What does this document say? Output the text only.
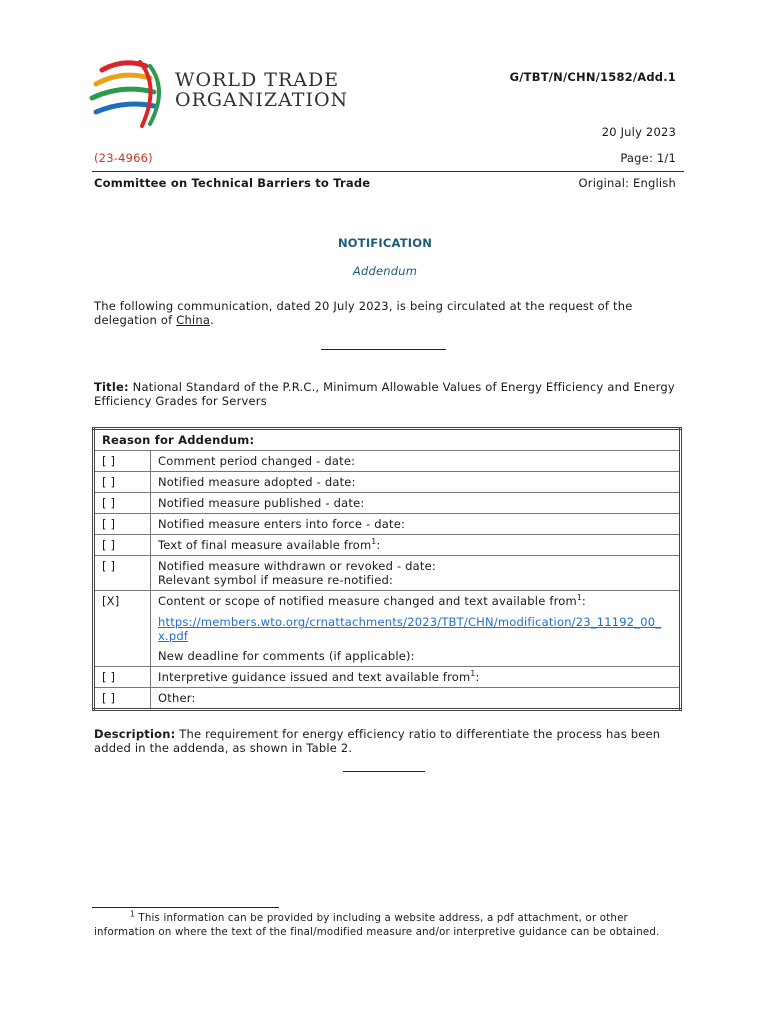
WORLD TRADE
ORGANIZATION
G/TBT/N/CHN/1582/Add.1
20 July 2023
(23-4966)	Page: 1/1
Committee on Technical Barriers to Trade	Original: English
NOTIFICATION
Addendum
The following communication, dated 20 July 2023, is being circulated at the request of the delegation of China.
Title: National Standard of the P.R.C., Minimum Allowable Values of Energy Efficiency and Energy Efficiency Grades for Servers
Reason for Addendum:	
[ ]	Comment period changed - date:
[ ]	Notified measure adopted - date:
[ ]	Notified measure published - date:
[ ]	Notified measure enters into force - date:
[ ]	Text of final measure available from$^1$:
[ ]	Notified measure withdrawn or revoked - date:
Relevant symbol if measure re-notified:

[X]	Content or scope of notified measure changed and text available from$^1$:
https://members.wto.org/crnattachments/2023/TBT/CHN/modification/23_11192_00_x.pdf
New deadline for comments (if applicable):

[ ]	Interpretive guidance issued and text available from$^1$:
[ ]	Other:
Description: The requirement for energy efficiency ratio to differentiate the process has been added in the addenda, as shown in Table 2.
$^1$ This information can be provided by including a website address, a pdf attachment, or other information on where the text of the final/modified measure and/or interpretive guidance can be obtained.
